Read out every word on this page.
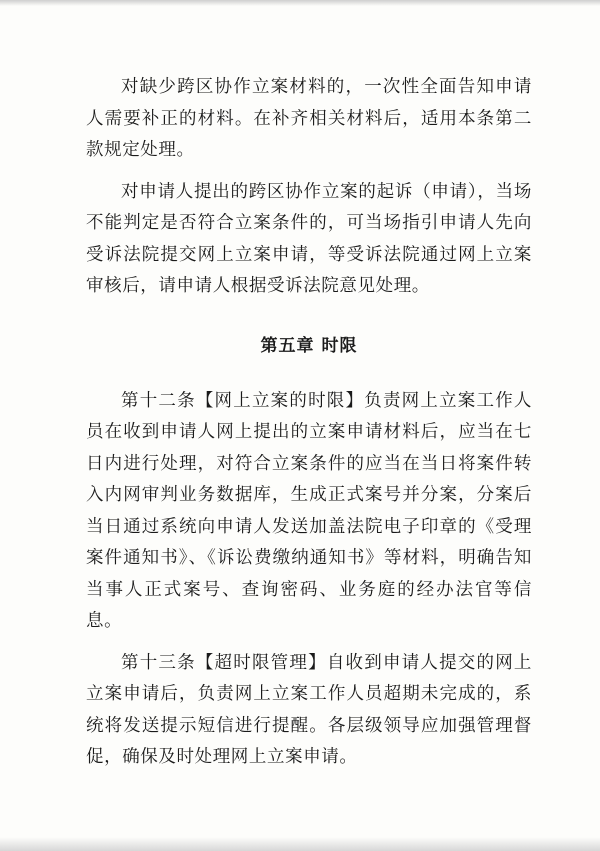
对缺少跨区协作立案材料的，一次性全面告知申请人需要补正的材料。在补齐相关材料后，适用本条第二款规定处理。

对申请人提出的跨区协作立案的起诉（申请），当场不能判定是否符合立案条件的，可当场指引申请人先向受诉法院提交网上立案申请，等受诉法院通过网上立案审核后，请申请人根据受诉法院意见处理。

第五章 时限

第十二条【网上立案的时限】负责网上立案工作人员在收到申请人网上提出的立案申请材料后，应当在七日内进行处理，对符合立案条件的应当在当日将案件转入内网审判业务数据库，生成正式案号并分案，分案后当日通过系统向申请人发送加盖法院电子印章的《受理案件通知书》、《诉讼费缴纳通知书》等材料，明确告知当事人正式案号、查询密码、业务庭的经办法官等信息。

第十三条【超时限管理】自收到申请人提交的网上立案申请后，负责网上立案工作人员超期未完成的，系统将发送提示短信进行提醒。各层级领导应加强管理督促，确保及时处理网上立案申请。
